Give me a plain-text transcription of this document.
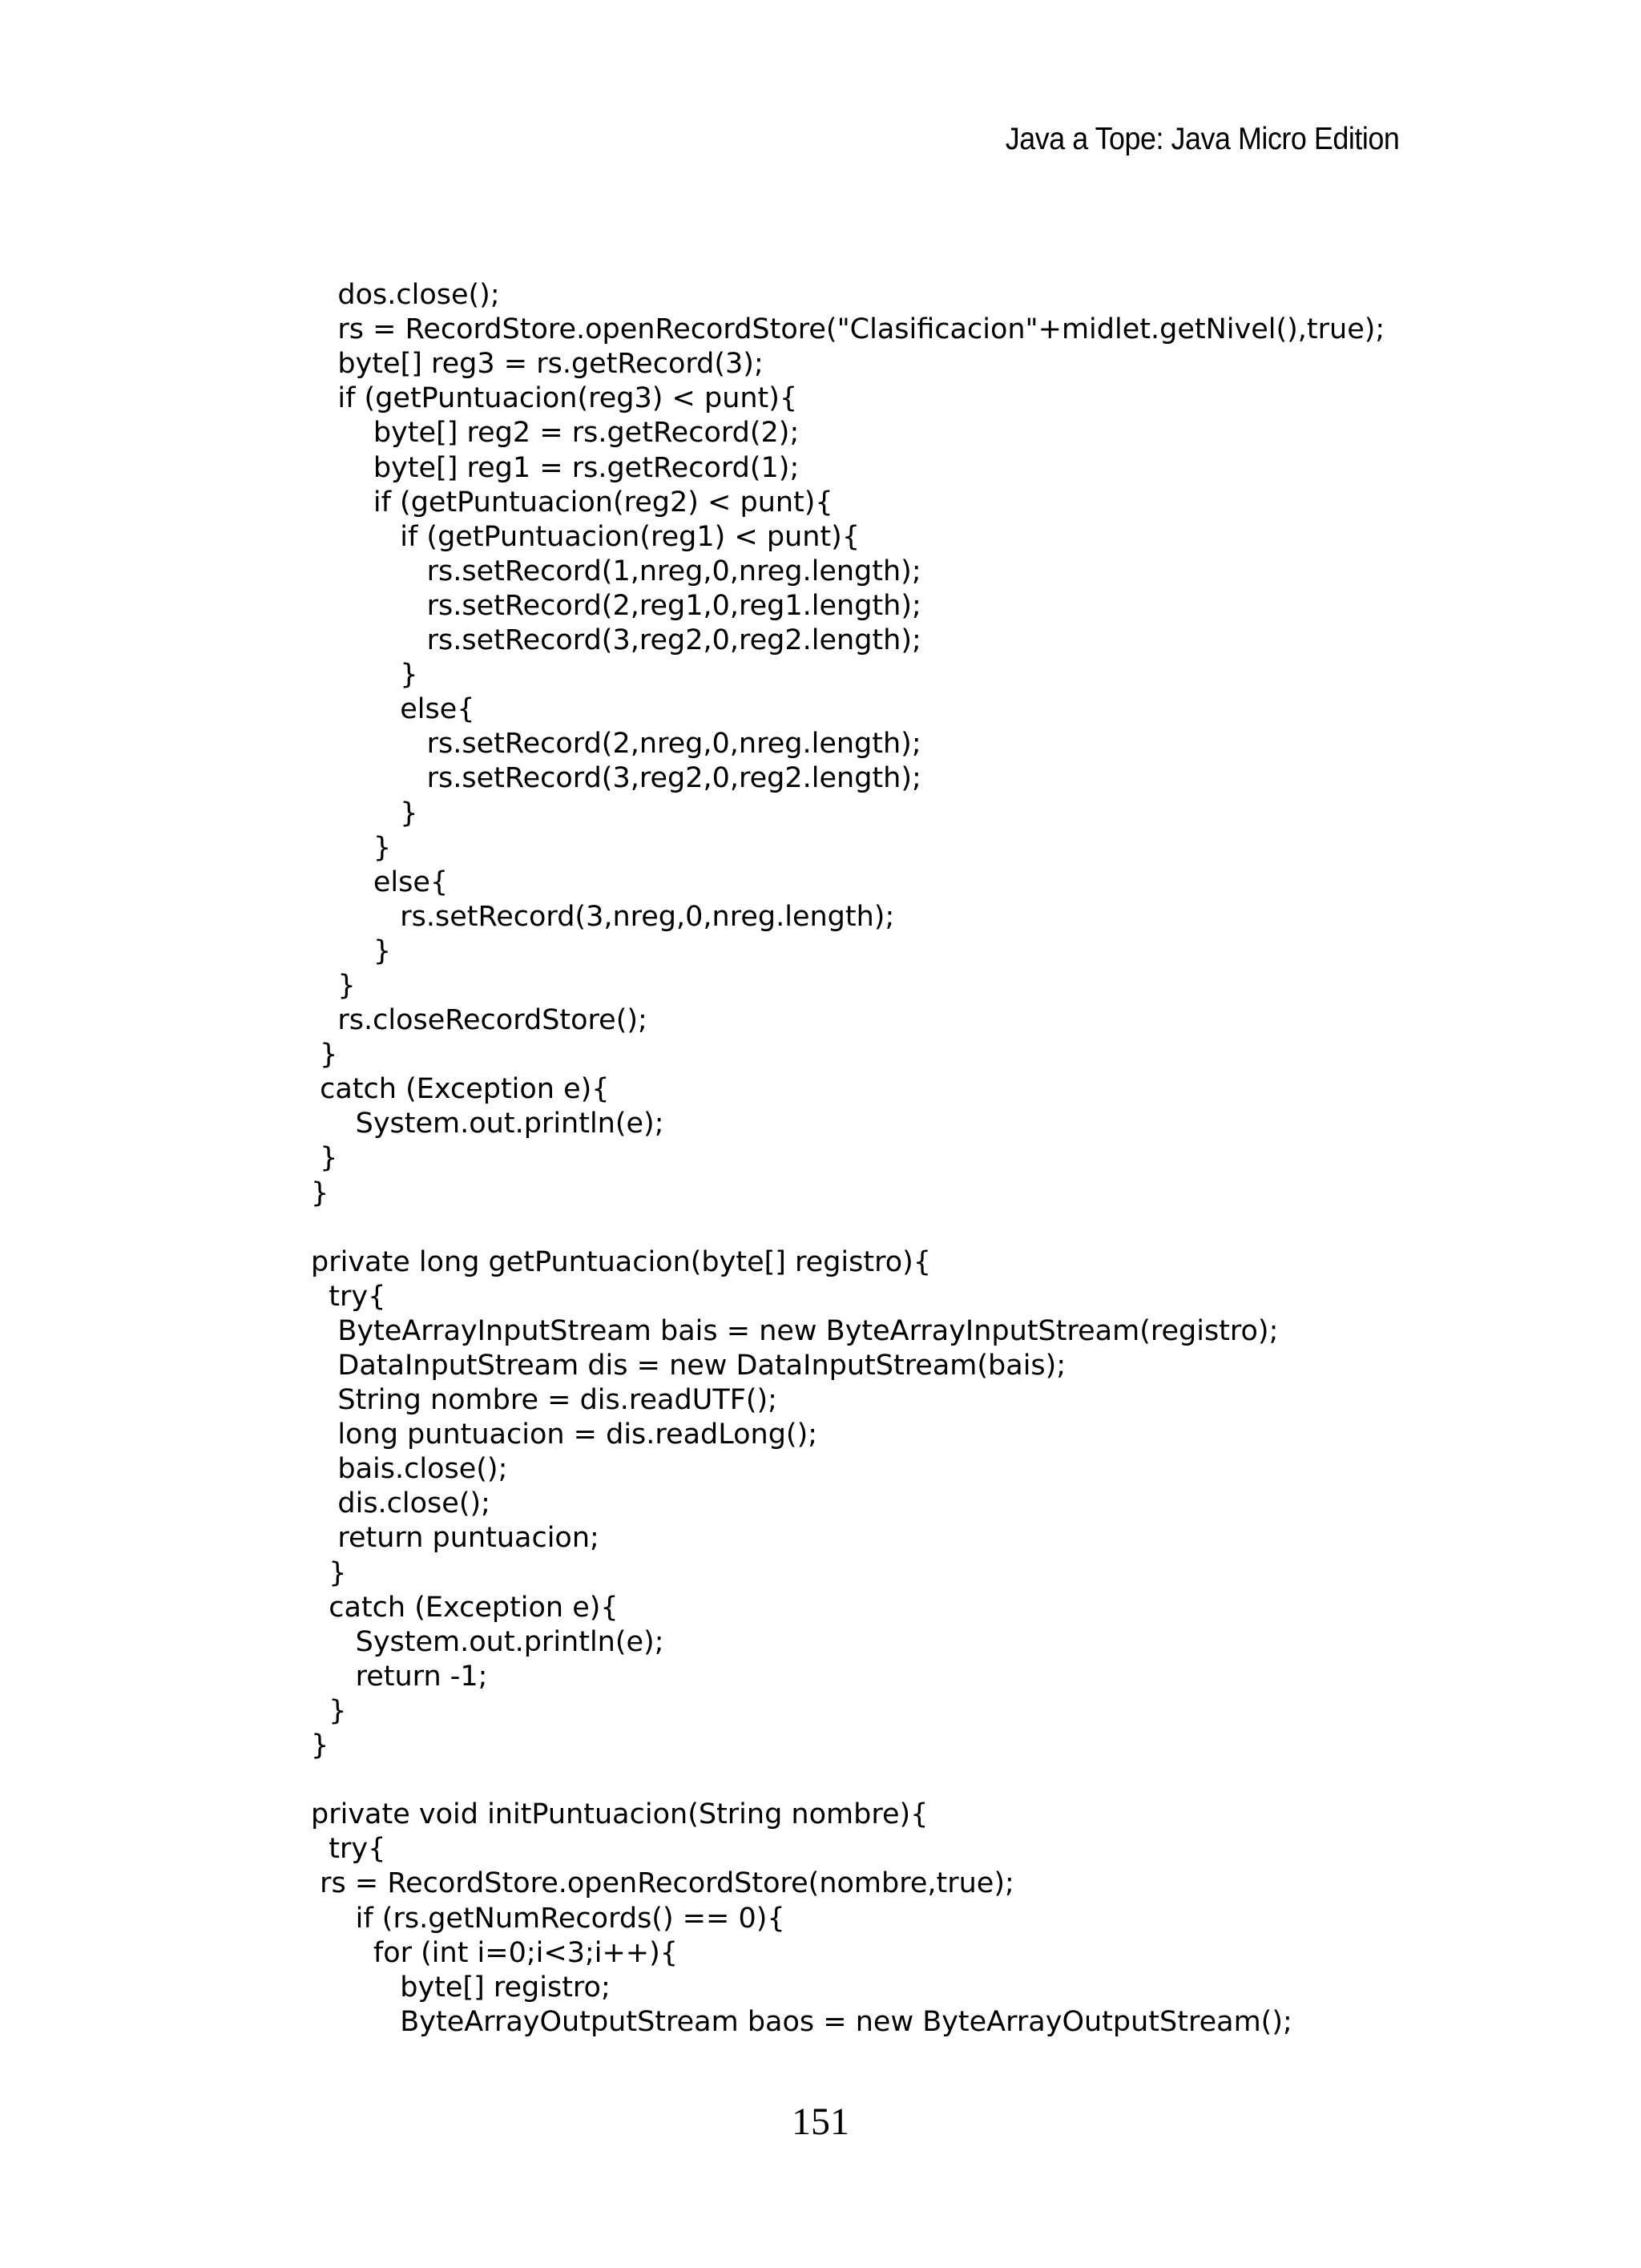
Java a Tope: Java Micro Edition

dos.close();
rs = RecordStore.openRecordStore("Clasificacion"+midlet.getNivel(),true);
byte[] reg3 = rs.getRecord(3);
if (getPuntuacion(reg3) < punt){
byte[] reg2 = rs.getRecord(2);
byte[] reg1 = rs.getRecord(1);
if (getPuntuacion(reg2) < punt){
if (getPuntuacion(reg1) < punt){
rs.setRecord(1,nreg,0,nreg.length);
rs.setRecord(2,reg1,0,reg1.length);
rs.setRecord(3,reg2,0,reg2.length);
}
else{
rs.setRecord(2,nreg,0,nreg.length);
rs.setRecord(3,reg2,0,reg2.length);
}
}
else{
rs.setRecord(3,nreg,0,nreg.length);
}
}
rs.closeRecordStore();
}
catch (Exception e){
System.out.println(e);
}
}
private long getPuntuacion(byte[] registro){
try{
ByteArrayInputStream bais = new ByteArrayInputStream(registro);
DataInputStream dis = new DataInputStream(bais);
String nombre = dis.readUTF();
long puntuacion = dis.readLong();
bais.close();
dis.close();
return puntuacion;
}
catch (Exception e){
System.out.println(e);
return -1;
}
}
private void initPuntuacion(String nombre){
try{
rs = RecordStore.openRecordStore(nombre,true);
if (rs.getNumRecords() == 0){
for (int i=0;i<3;i++){
byte[] registro;
ByteArrayOutputStream baos = new ByteArrayOutputStream();

151
